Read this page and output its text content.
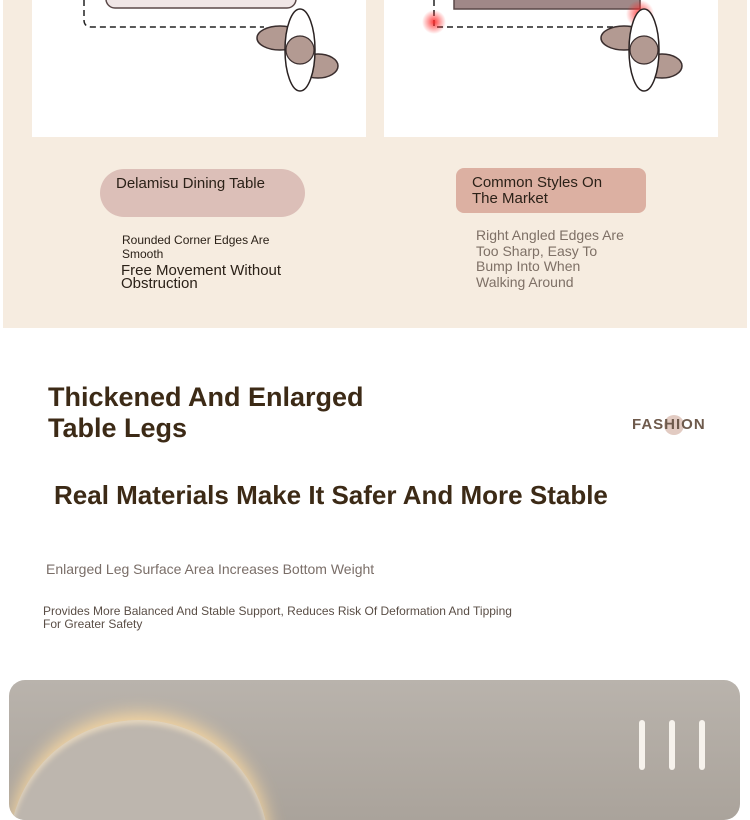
Delamisu Dining Table	Common Styles On The Market
Rounded Corner Edges Are Smooth
Free Movement Without Obstruction
Right Angled Edges Are Too Sharp, Easy To Bump Into When Walking Around
Thickened And Enlarged Table Legs	FASHION
Real Materials Make It Safer And More Stable
Enlarged Leg Surface Area Increases Bottom Weight
Provides More Balanced And Stable Support, Reduces Risk Of Deformation And Tipping For Greater Safety
